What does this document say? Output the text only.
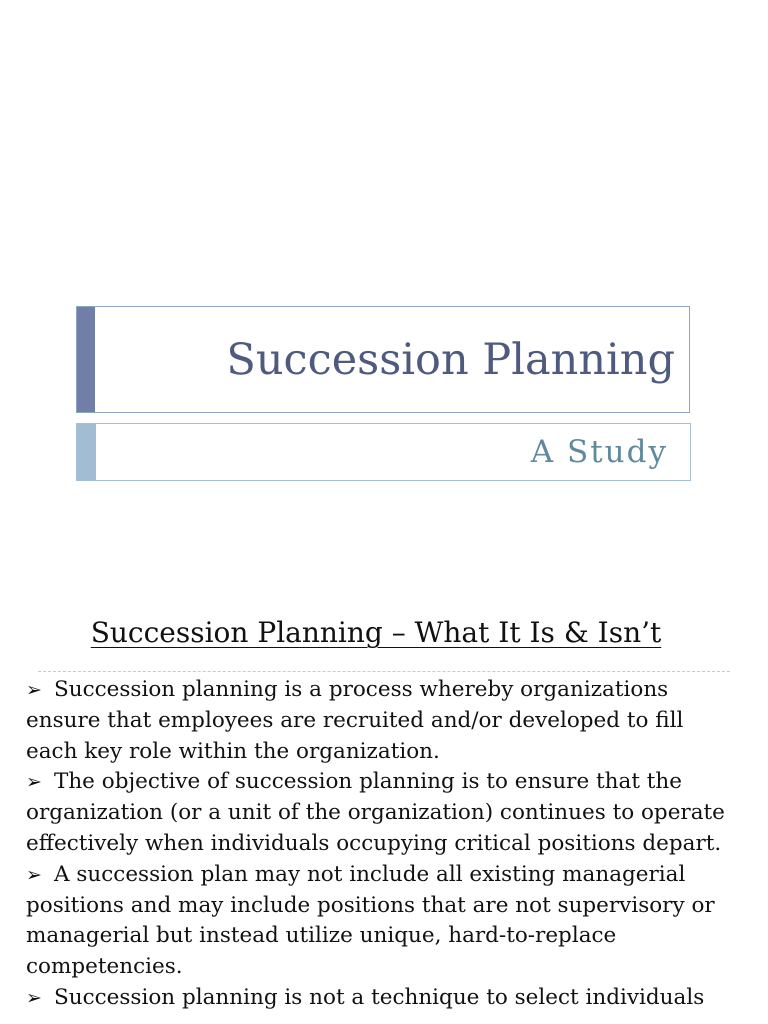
Succession Planning
A Study
Succession Planning – What It Is & Isn’t

➢ Succession planning is a process whereby organizations ensure that employees are recruited and/or developed to fill each key role within the organization.

➢ The objective of succession planning is to ensure that the organization (or a unit of the organization) continues to operate effectively when individuals occupying critical positions depart.

➢ A succession plan may not include all existing managerial positions and may include positions that are not supervisory or managerial but instead utilize unique, hard-to-replace competencies.

➢ Succession planning is not a technique to select individuals
